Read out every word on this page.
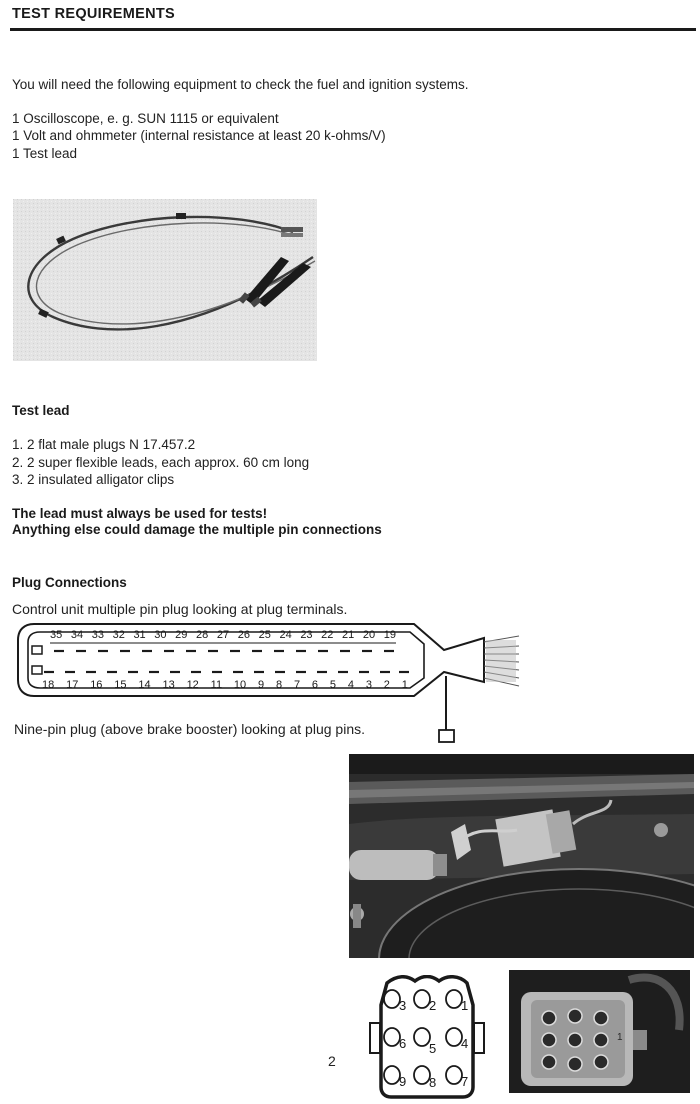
TEST REQUIREMENTS
You will need the following equipment to check the fuel and ignition systems.
1 Oscilloscope, e. g. SUN 1115 or equivalent
1 Volt and ohmmeter (internal resistance at least 20 k-ohms/V)
1 Test lead
Test lead
1. 2 flat male plugs N 17.457.2
2. 2 super flexible leads, each approx. 60 cm long
3. 2 insulated alligator clips
The lead must always be used for tests!
Anything else could damage the multiple pin connections
Plug Connections
Control unit multiple pin plug looking at plug terminals.
35 34 33 32 31 30 29 28 27 26 25 24 23 22 21 20 19
18 17 16 15 14 13 12 11 10 9 8 7 6 5 4 3 2 1
Nine-pin plug (above brake booster) looking at plug pins.
3 2 1
6 5 4
9 8 7
1
2
